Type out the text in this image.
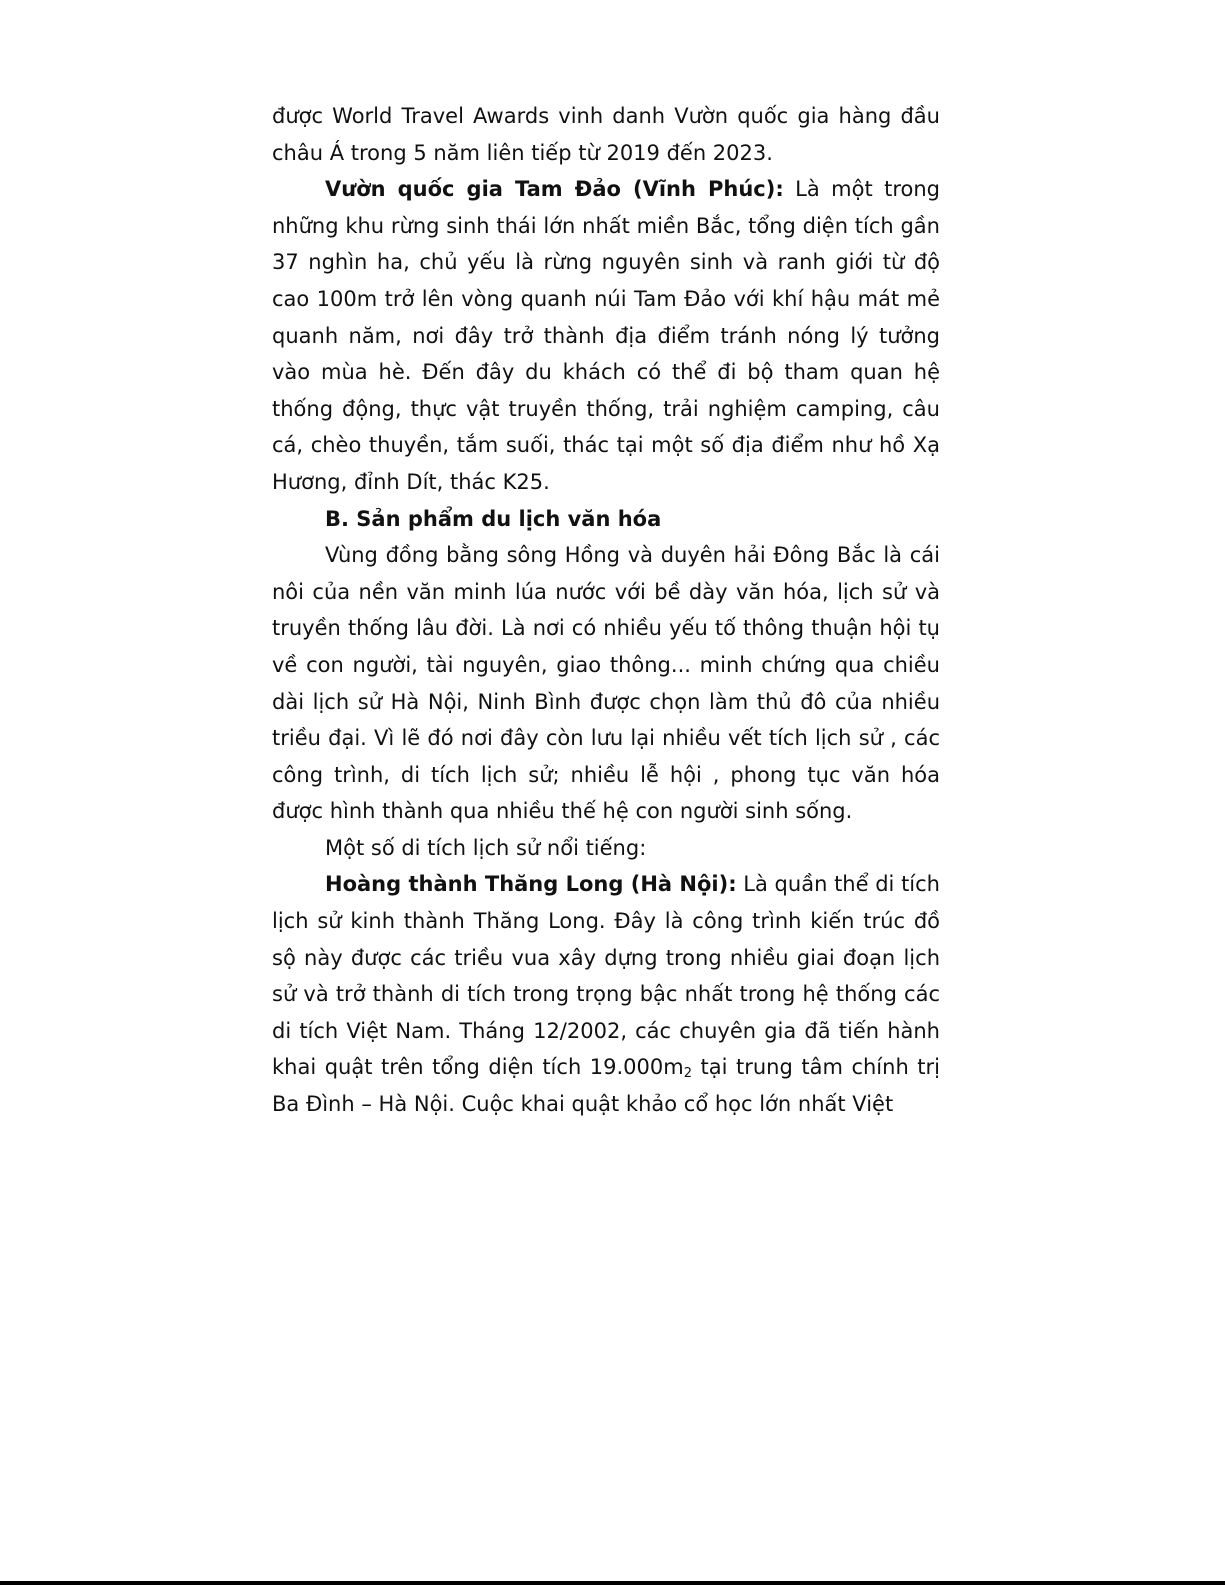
được World Travel Awards vinh danh Vườn quốc gia hàng đầu châu Á trong 5 năm liên tiếp từ 2019 đến 2023.

Vườn quốc gia Tam Đảo (Vĩnh Phúc): Là một trong những khu rừng sinh thái lớn nhất miền Bắc, tổng diện tích gần 37 nghìn ha, chủ yếu là rừng nguyên sinh và ranh giới từ độ cao 100m trở lên vòng quanh núi Tam Đảo với khí hậu mát mẻ quanh năm, nơi đây trở thành địa điểm tránh nóng lý tưởng vào mùa hè. Đến đây du khách có thể đi bộ tham quan hệ thống động, thực vật truyền thống, trải nghiệm camping, câu cá, chèo thuyền, tắm suối, thác tại một số địa điểm như hồ Xạ Hương, đỉnh Dít, thác K25.

B. Sản phẩm du lịch văn hóa

Vùng đồng bằng sông Hồng và duyên hải Đông Bắc là cái nôi của nền văn minh lúa nước với bề dày văn hóa, lịch sử và truyền thống lâu đời. Là nơi có nhiều yếu tố thông thuận hội tụ về con người, tài nguyên, giao thông... minh chứng qua chiều dài lịch sử Hà Nội, Ninh Bình được chọn làm thủ đô của nhiều triều đại. Vì lẽ đó nơi đây còn lưu lại nhiều vết tích lịch sử , các công trình, di tích lịch sử; nhiều lễ hội , phong tục văn hóa được hình thành qua nhiều thế hệ con người sinh sống.

Một số di tích lịch sử nổi tiếng:

Hoàng thành Thăng Long (Hà Nội): Là quần thể di tích lịch sử kinh thành Thăng Long. Đây là công trình kiến trúc đồ sộ này được các triều vua xây dựng trong nhiều giai đoạn lịch sử và trở thành di tích trong trọng bậc nhất trong hệ thống các di tích Việt Nam. Tháng 12/2002, các chuyên gia đã tiến hành khai quật trên tổng diện tích $19.000m_2$ tại trung tâm chính trị Ba Đình – Hà Nội. Cuộc khai quật khảo cổ học lớn nhất Việt
